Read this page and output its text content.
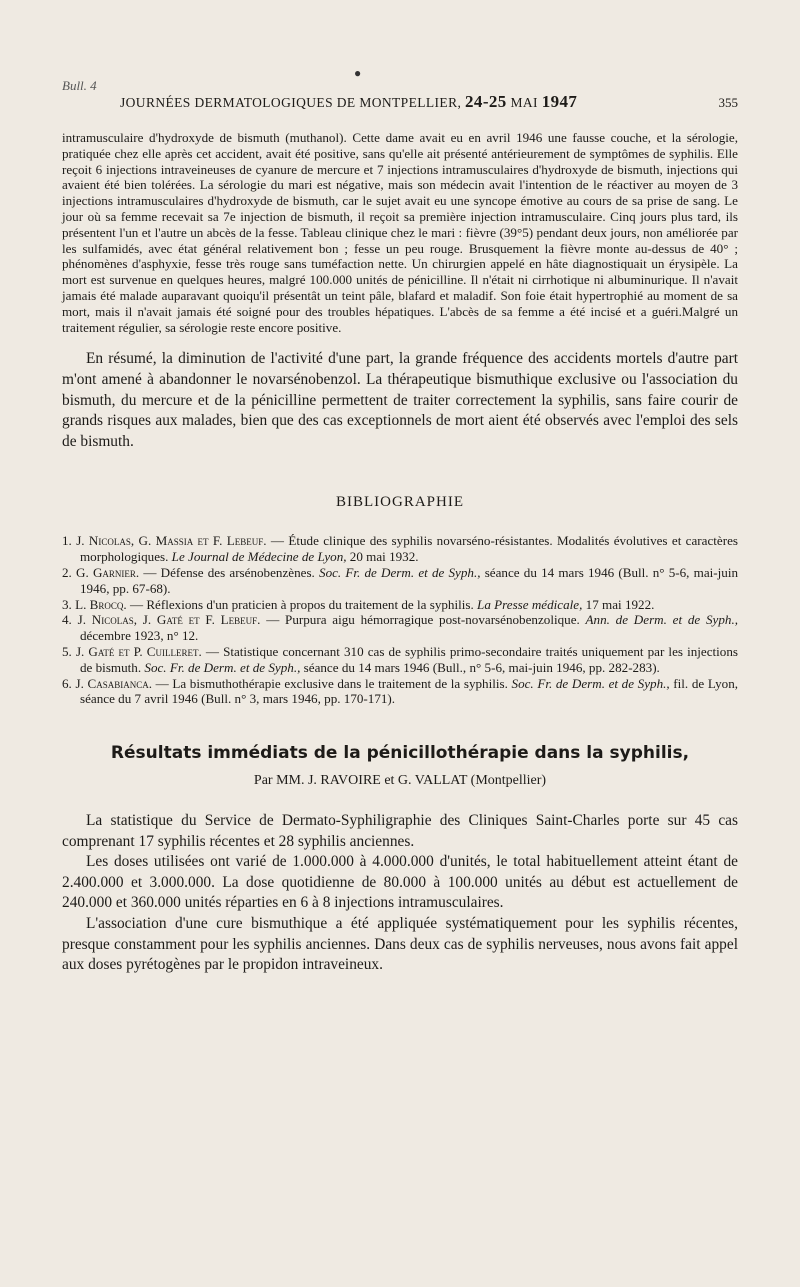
Bull. 4
●
JOURNÉES DERMATOLOGIQUES DE MONTPELLIER, 24-25 MAI 1947	355

intramusculaire d'hydroxyde de bismuth (muthanol). Cette dame avait eu en avril 1946 une fausse couche, et la sérologie, pratiquée chez elle après cet accident, avait été positive, sans qu'elle ait présenté antérieurement de symptômes de syphilis. Elle reçoit 6 injections intraveineuses de cyanure de mercure et 7 injections intramusculaires d'hydroxyde de bismuth, injections qui avaient été bien tolérées. La sérologie du mari est négative, mais son médecin avait l'intention de le réactiver au moyen de 3 injections intramusculaires d'hydroxyde de bismuth, car le sujet avait eu une syncope émotive au cours de sa prise de sang. Le jour où sa femme recevait sa 7e injection de bismuth, il reçoit sa première injection intramusculaire. Cinq jours plus tard, ils présentent l'un et l'autre un abcès de la fesse. Tableau clinique chez le mari : fièvre (39°5) pendant deux jours, non améliorée par les sulfamidés, avec état général relativement bon ; fesse un peu rouge. Brusquement la fièvre monte au-dessus de 40° ; phénomènes d'asphyxie, fesse très rouge sans tuméfaction nette. Un chirurgien appelé en hâte diagnostiquait un érysipèle. La mort est survenue en quelques heures, malgré 100.000 unités de pénicilline. Il n'était ni cirrhotique ni albuminurique. Il n'avait jamais été malade auparavant quoiqu'il présentât un teint pâle, blafard et maladif. Son foie était hypertrophié au moment de sa mort, mais il n'avait jamais été soigné pour des troubles hépatiques. L'abcès de sa femme a été incisé et a guéri.Malgré un traitement régulier, sa sérologie reste encore positive.

En résumé, la diminution de l'activité d'une part, la grande fréquence des accidents mortels d'autre part m'ont amené à abandonner le novarsénobenzol. La thérapeutique bismuthique exclusive ou l'association du bismuth, du mercure et de la pénicilline permettent de traiter correctement la syphilis, sans faire courir de grands risques aux malades, bien que des cas exceptionnels de mort aient été observés avec l'emploi des sels de bismuth.

BIBLIOGRAPHIE
1. J. Nicolas, G. Massia et F. Lebeuf. — Étude clinique des syphilis novarséno-résistantes. Modalités évolutives et caractères morphologiques. Le Journal de Médecine de Lyon, 20 mai 1932.
2. G. Garnier. — Défense des arsénobenzènes. Soc. Fr. de Derm. et de Syph., séance du 14 mars 1946 (Bull. n° 5-6, mai-juin 1946, pp. 67-68).
3. L. Brocq. — Réflexions d'un praticien à propos du traitement de la syphilis. La Presse médicale, 17 mai 1922.
4. J. Nicolas, J. Gaté et F. Lebeuf. — Purpura aigu hémorragique post-novarsénobenzolique. Ann. de Derm. et de Syph., décembre 1923, n° 12.
5. J. Gaté et P. Cuilleret. — Statistique concernant 310 cas de syphilis primo-secondaire traités uniquement par les injections de bismuth. Soc. Fr. de Derm. et de Syph., séance du 14 mars 1946 (Bull., n° 5-6, mai-juin 1946, pp. 282-283).
6. J. Casabianca. — La bismuthothérapie exclusive dans le traitement de la syphilis. Soc. Fr. de Derm. et de Syph., fil. de Lyon, séance du 7 avril 1946 (Bull. n° 3, mars 1946, pp. 170-171).
Résultats immédiats de la pénicillothérapie dans la syphilis,
Par MM. J. RAVOIRE et G. VALLAT (Montpellier)

La statistique du Service de Dermato-Syphiligraphie des Cliniques Saint-Charles porte sur 45 cas comprenant 17 syphilis récentes et 28 syphilis anciennes.

Les doses utilisées ont varié de 1.000.000 à 4.000.000 d'unités, le total habituellement atteint étant de 2.400.000 et 3.000.000. La dose quotidienne de 80.000 à 100.000 unités au début est actuellement de 240.000 et 360.000 unités réparties en 6 à 8 injections intramusculaires.

L'association d'une cure bismuthique a été appliquée systématiquement pour les syphilis récentes, presque constamment pour les syphilis anciennes. Dans deux cas de syphilis nerveuses, nous avons fait appel aux doses pyrétogènes par le propidon intraveineux.
